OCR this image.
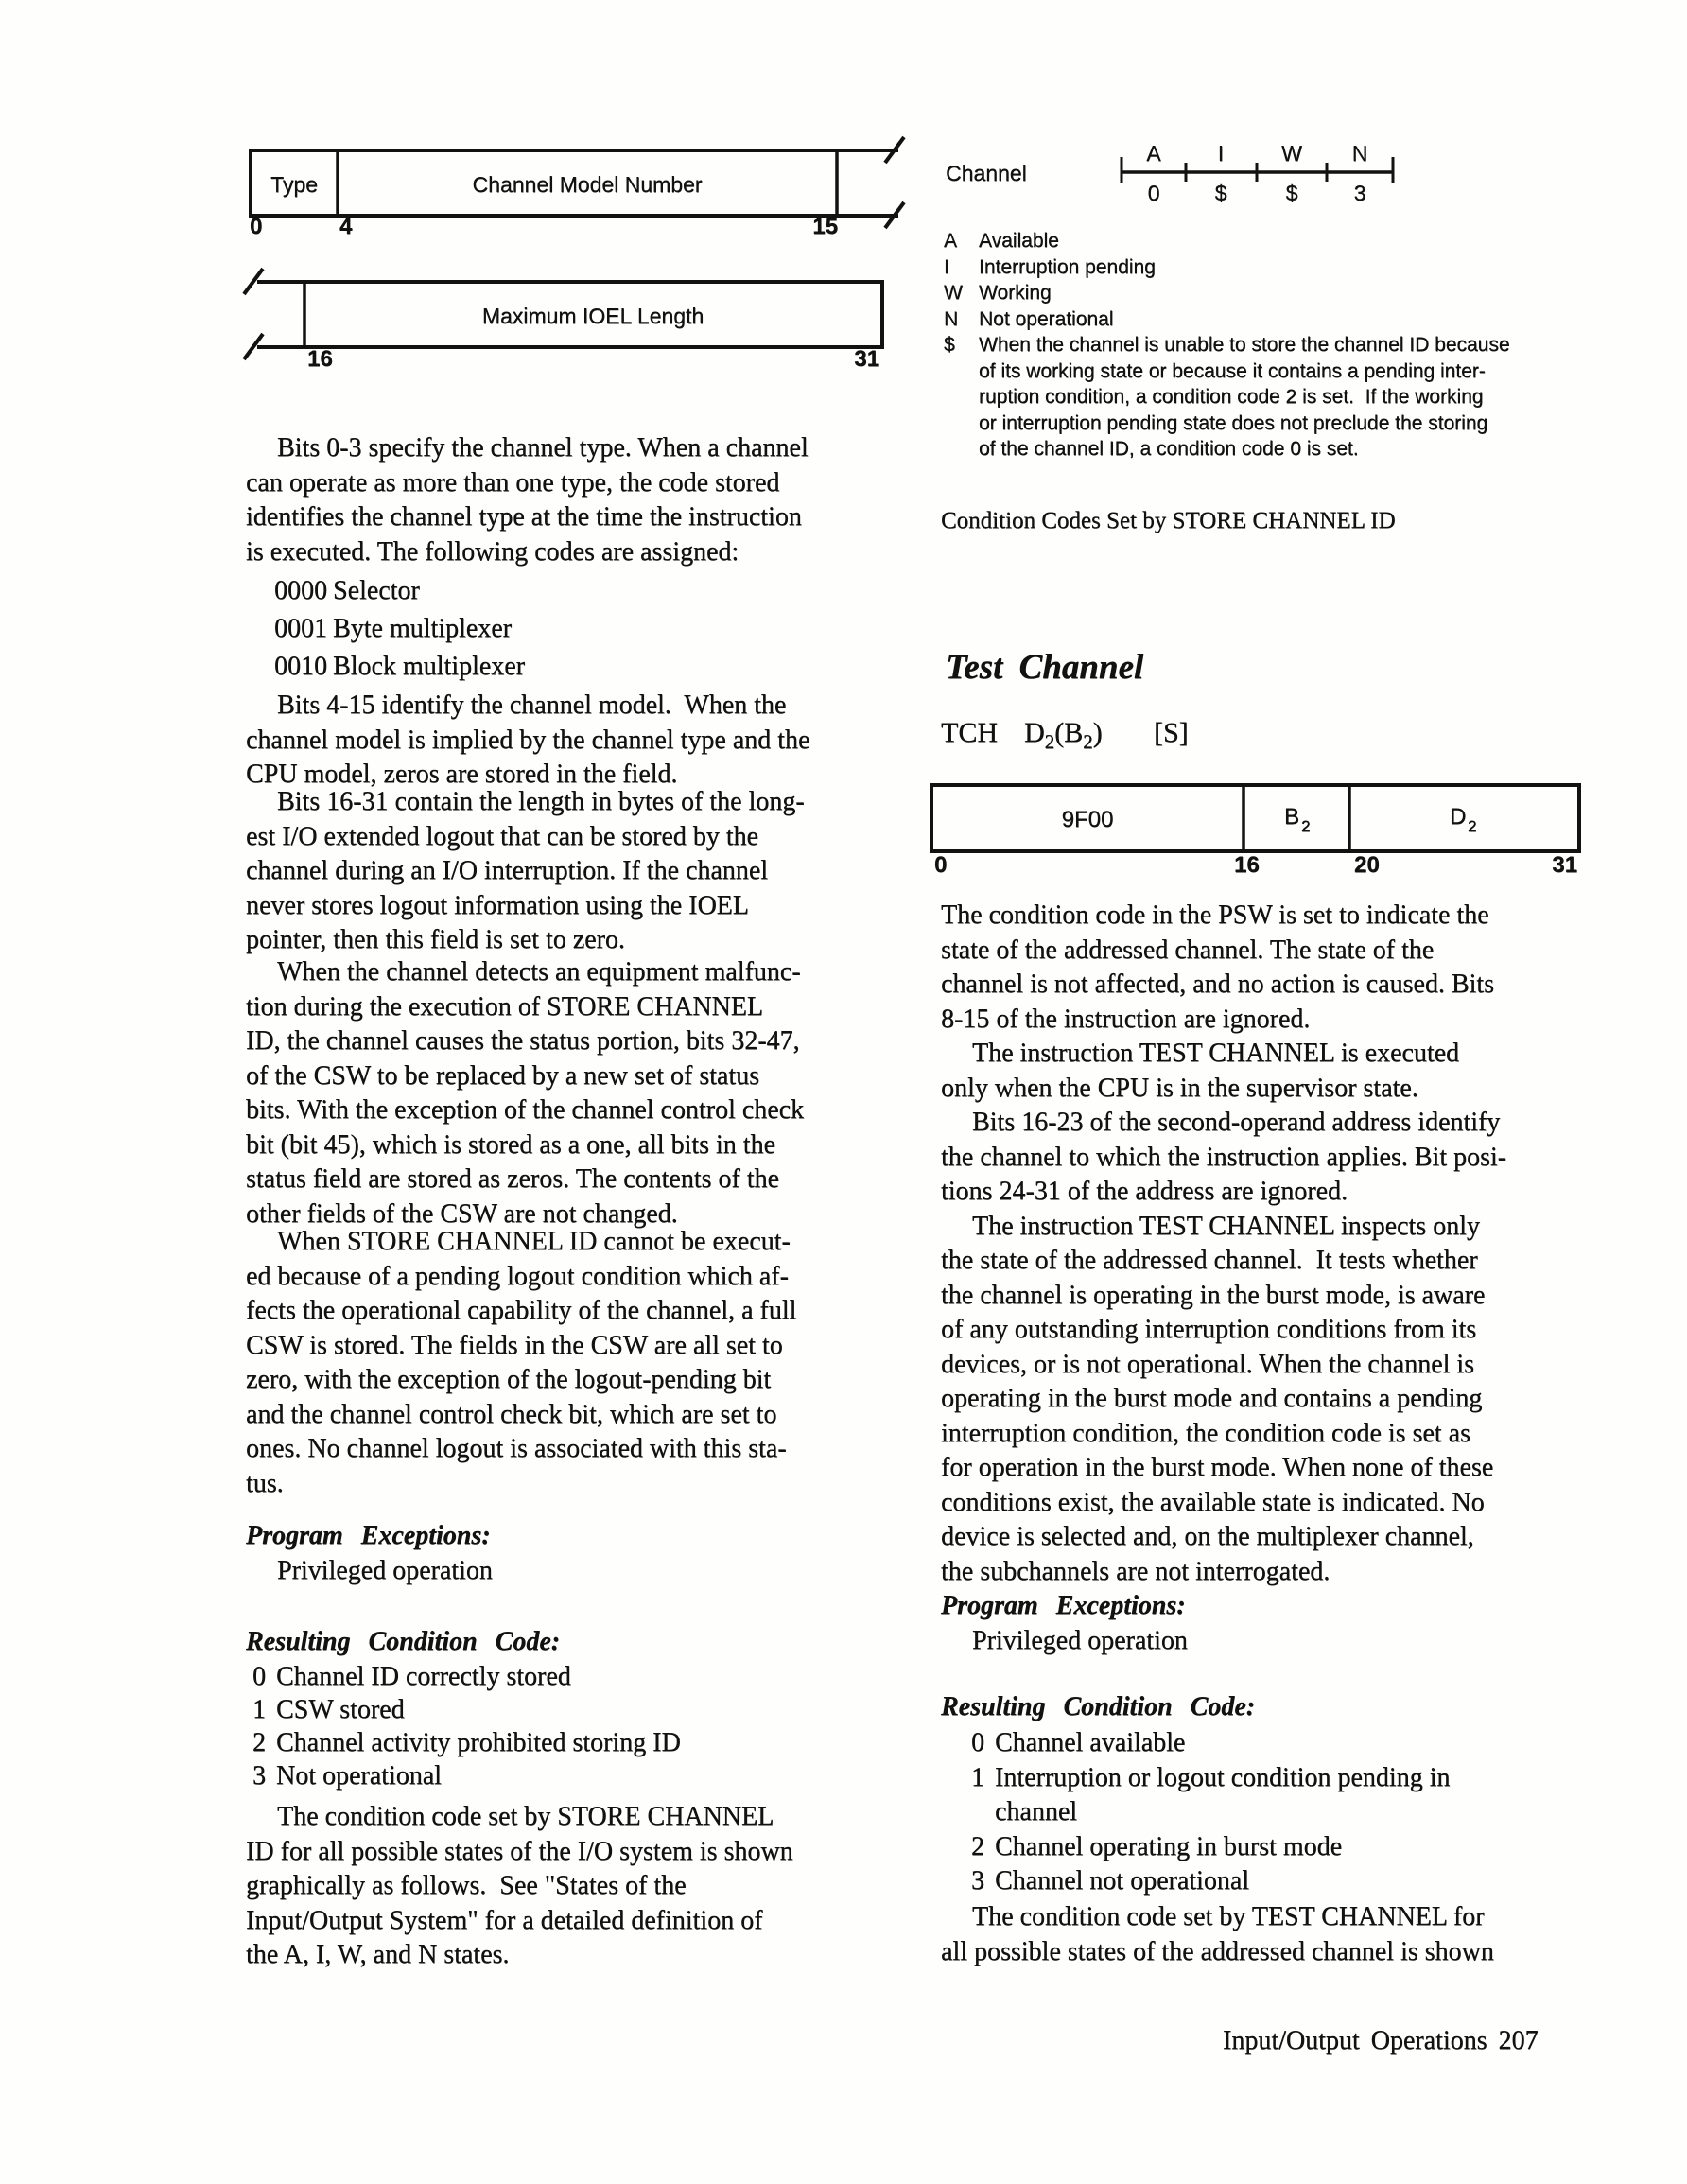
Type	Channel Model Number
0	4	15
Maximum IOEL Length
16	31
Channel
A	I	W N
0	$	$	3
A	Available
I	Interruption pending
W Working
N	Not operational
$	When the channel is unable to store the channel ID because
of its working state or because it contains a pending inter-
ruption condition, a condition code 2 is set.  If the working
or interruption pending state does not preclude the storing
of the channel ID, a condition code 0 is set.
Condition Codes Set by STORE CHANNEL ID
Test Channel
TCH $D_2(B_2)$ [S]
9F00	B 2	D 2
0	16	20	31
Bits 0-3 specify the channel type. When a channel
can operate as more than one type, the code stored
identifies the channel type at the time the instruction
is executed. The following codes are assigned:
0000 Selector
0001 Byte multiplexer
0010 Block multiplexer
Bits 4-15 identify the channel model.  When the
channel model is implied by the channel type and the
CPU model, zeros are stored in the field.
Bits 16-31 contain the length in bytes of the long-
est I/O extended logout that can be stored by the
channel during an I/O interruption. If the channel
never stores logout information using the IOEL
pointer, then this field is set to zero.
When the channel detects an equipment malfunc-
tion during the execution of STORE CHANNEL
ID, the channel causes the status portion, bits 32-47,
of the CSW to be replaced by a new set of status
bits. With the exception of the channel control check
bit (bit 45), which is stored as a one, all bits in the
status field are stored as zeros. The contents of the
other fields of the CSW are not changed.
When STORE CHANNEL ID cannot be execut-
ed because of a pending logout condition which af-
fects the operational capability of the channel, a full
CSW is stored. The fields in the CSW are all set to
zero, with the exception of the logout-pending bit
and the channel control check bit, which are set to
ones. No channel logout is associated with this sta-
tus.
Program Exceptions:
Privileged operation
Resulting Condition Code:
0 Channel ID correctly stored
1 CSW stored
2 Channel activity prohibited storing ID
3 Not operational
The condition code set by STORE CHANNEL
ID for all possible states of the I/O system is shown
graphically as follows.  See "States of the
Input/Output System" for a detailed definition of
the A, I, W, and N states.
The condition code in the PSW is set to indicate the
state of the addressed channel. The state of the
channel is not affected, and no action is caused. Bits
8-15 of the instruction are ignored.
The instruction TEST CHANNEL is executed
only when the CPU is in the supervisor state.
Bits 16-23 of the second-operand address identify
the channel to which the instruction applies. Bit posi-
tions 24-31 of the address are ignored.
The instruction TEST CHANNEL inspects only
the state of the addressed channel.  It tests whether
the channel is operating in the burst mode, is aware
of any outstanding interruption conditions from its
devices, or is not operational. When the channel is
operating in the burst mode and contains a pending
interruption condition, the condition code is set as
for operation in the burst mode. When none of these
conditions exist, the available state is indicated. No
device is selected and, on the multiplexer channel,
the subchannels are not interrogated.
Program Exceptions:
Privileged operation
Resulting Condition Code:
0 Channel available
1 Interruption or logout condition pending in
channel
2 Channel operating in burst mode
3 Channel not operational
The condition code set by TEST CHANNEL for
all possible states of the addressed channel is shown
Input/Output Operations 207
